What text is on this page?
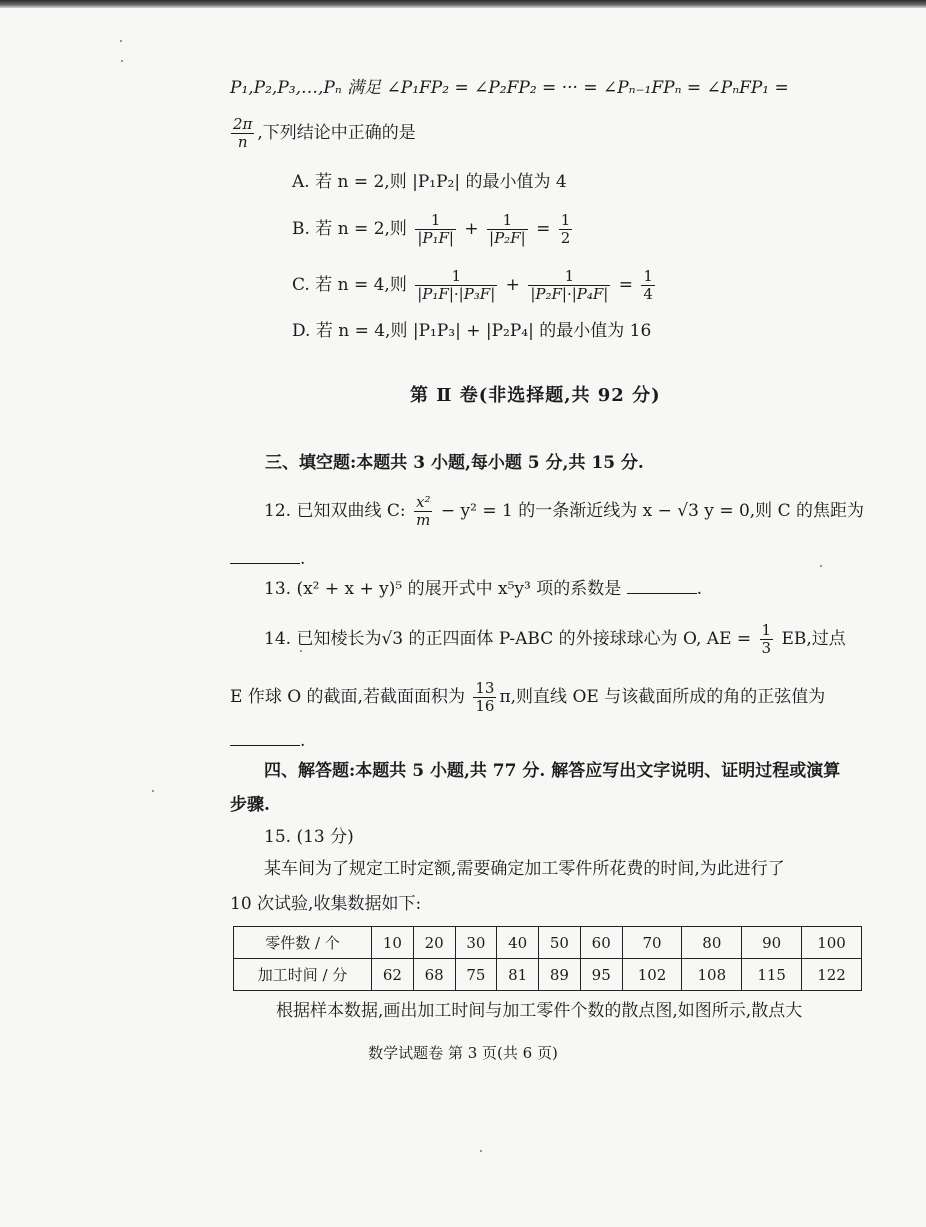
P₁,P₂,P₃,…,Pₙ 满足 ∠P₁FP₂ = ∠P₂FP₂ = ··· = ∠Pₙ₋₁FPₙ = ∠PₙFP₁ =
$\frac{2\pi}{n}$ ,下列结论中正确的是
A. 若 n = 2,则 |P₁P₂| 的最小值为 4
B. 若 n = 2,则 $\frac{1}{\text{|P₁F|}} + \frac{1}{\text{|P₂F|}} = \frac{1}{2}$
C. 若 n = 4,则 $\frac{1}{\text{|P₁F|·|P₃F|}} + \frac{1}{\text{|P₂F|·|P₄F|}} = \frac{1}{4}$
D. 若 n = 4,则 |P₁P₃| + |P₂P₄| 的最小值为 16
第 Ⅱ 卷(非选择题,共 92 分)
三、填空题:本题共 3 小题,每小题 5 分,共 15 分.
12. 已知双曲线 C: $\frac{\text{x²}}{m} - y^2 = 1$ 的一条渐近线为 x − √3 y = 0,则 C 的焦距为
.
13. (x² + x + y)⁵ 的展开式中 x⁵y³ 项的系数是	.
14. 已知棱长为√3 的正四面体 P-ABC 的外接球球心为 O, AE = $\frac{1}{3}$ EB,过点
E 作球 O 的截面,若截面面积为 $\frac{13}{16} \pi$,则直线 OE 与该截面所成的角的正弦值为
.
四、解答题:本题共 5 小题,共 77 分. 解答应写出文字说明、证明过程或演算
步骤.
15. (13 分)
某车间为了规定工时定额,需要确定加工零件所花费的时间,为此进行了
10 次试验,收集数据如下:
零件数 / 个	10	20	30	40	50	60	70	80	90	100
加工时间 / 分	62	68	75	81	89	95	102	108	115	122
根据样本数据,画出加工时间与加工零件个数的散点图,如图所示,散点大
数学试题卷 第 3 页(共 6 页)
